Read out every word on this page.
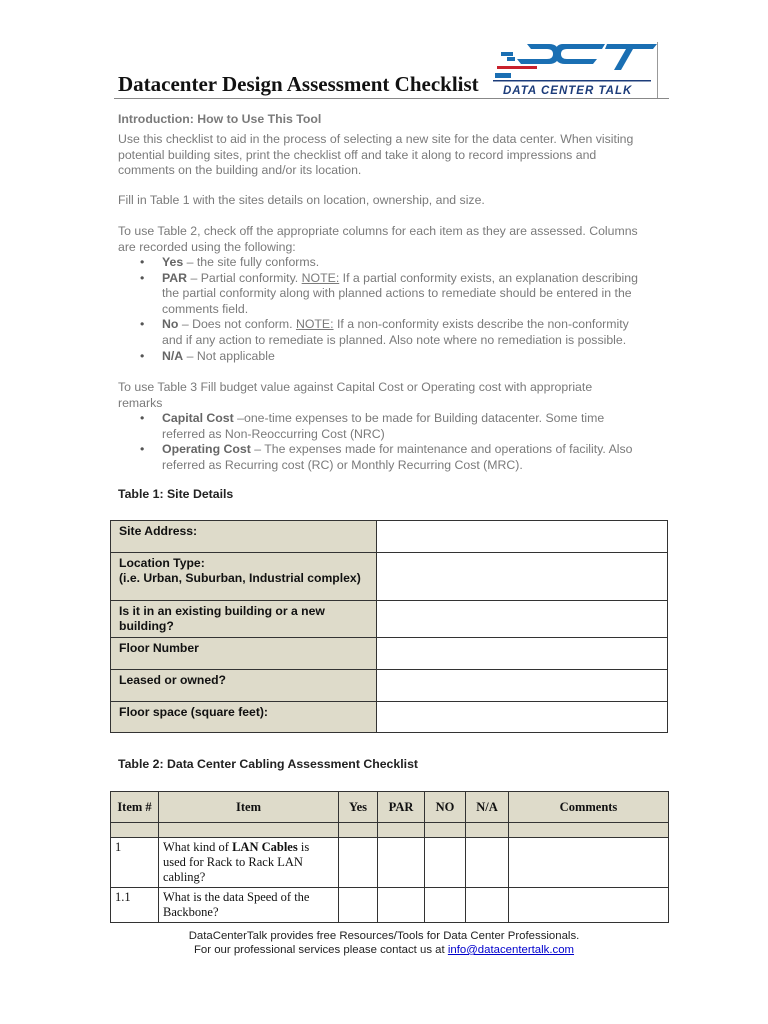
Datacenter Design Assessment Checklist DATA CENTER TALK
Introduction: How to Use This Tool
Use this checklist to aid in the process of selecting a new site for the data center. When visiting potential building sites, print the checklist off and take it along to record impressions and comments on the building and/or its location.
Fill in Table 1 with the sites details on location, ownership, and size.
To use Table 2, check off the appropriate columns for each item as they are assessed. Columns are recorded using the following:
• Yes – the site fully conforms.
• PAR – Partial conformity. NOTE: If a partial conformity exists, an explanation describing the partial conformity along with planned actions to remediate should be entered in the comments field.
• No – Does not conform. NOTE: If a non-conformity exists describe the non-conformity and if any action to remediate is planned. Also note where no remediation is possible.
• N/A – Not applicable
To use Table 3 Fill budget value against Capital Cost or Operating cost with appropriate remarks
• Capital Cost –one-time expenses to be made for Building datacenter. Some time referred as Non-Reoccurring Cost (NRC)
• Operating Cost – The expenses made for maintenance and operations of facility. Also referred as Recurring cost (RC) or Monthly Recurring Cost (MRC).
Table 1: Site Details
Site Address:	
Location Type:
(i.e. Urban, Suburban, Industrial complex)	
Is it in an existing building or a new building?	
Floor Number	
Leased or owned?	
Floor space (square feet):	
Table 2: Data Center Cabling Assessment Checklist
Item #	Item	Yes	PAR	NO	N/A	Comments

1	What kind of LAN Cables is used for Rack to Rack LAN cabling?					
1.1	What is the data Speed of the Backbone?					
DataCenterTalk provides free Resources/Tools for Data Center Professionals.
For our professional services please contact us at info@datacentertalk.com
